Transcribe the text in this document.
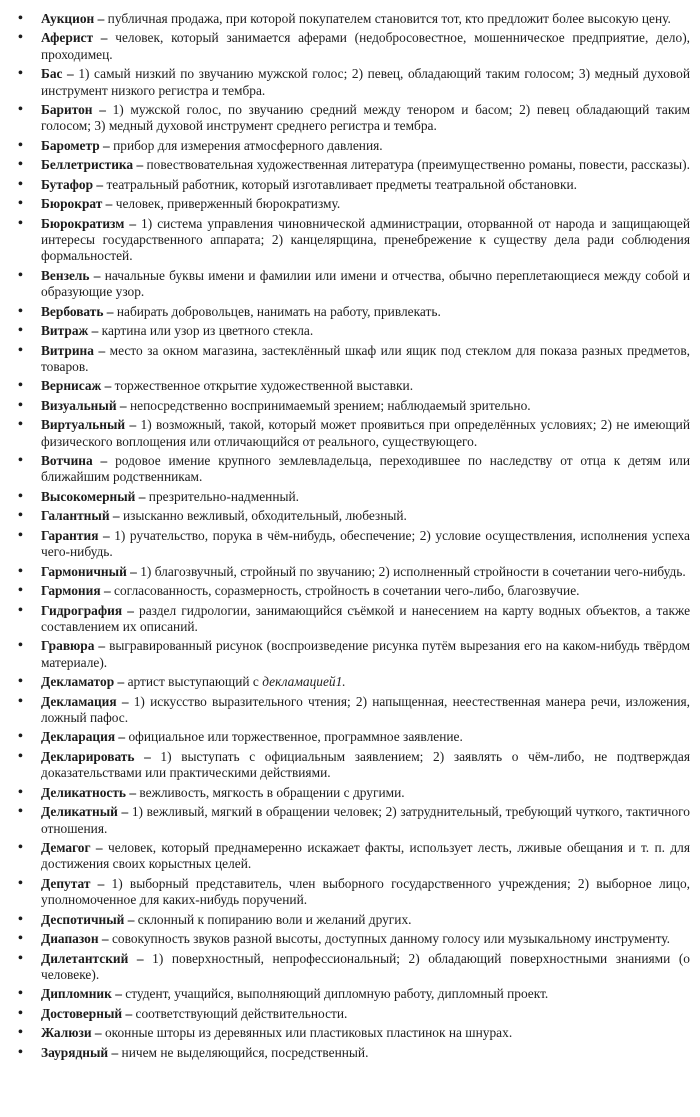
• Аукцион – публичная продажа, при которой покупателем становится тот, кто предложит более высокую цену.
• Аферист – человек, который занимается аферами (недобросовестное, мошенническое предприятие, дело), проходимец.
• Бас – 1) самый низкий по звучанию мужской голос; 2) певец, обладающий таким голосом; 3) медный духовой инструмент низкого регистра и тембра.
• Баритон – 1) мужской голос, по звучанию средний между тенором и басом; 2) певец обладающий таким голосом; 3) медный духовой инструмент среднего регистра и тембра.
• Барометр – прибор для измерения атмосферного давления.
• Беллетристика – повествовательная художественная литература (преимущественно романы, повести, рассказы).
• Бутафор – театральный работник, который изготавливает предметы театральной обстановки.
• Бюрократ – человек, приверженный бюрократизму.
• Бюрократизм – 1) система управления чиновнической администрации, оторванной от народа и защищающей интересы государственного аппарата; 2) канцелярщина, пренебрежение к существу дела ради соблюдения формальностей.
• Вензель – начальные буквы имени и фамилии или имени и отчества, обычно переплетающиеся между собой и образующие узор.
• Вербовать – набирать добровольцев, нанимать на работу, привлекать.
• Витраж – картина или узор из цветного стекла.
• Витрина – место за окном магазина, застеклённый шкаф или ящик под стеклом для показа разных предметов, товаров.
• Вернисаж – торжественное открытие художественной выставки.
• Визуальный – непосредственно воспринимаемый зрением; наблюдаемый зрительно.
• Виртуальный – 1) возможный, такой, который может проявиться при определённых условиях; 2) не имеющий физического воплощения или отличающийся от реального, существующего.
• Вотчина – родовое имение крупного землевладельца, переходившее по наследству от отца к детям или ближайшим родственникам.
• Высокомерный – презрительно-надменный.
• Галантный – изысканно вежливый, обходительный, любезный.
• Гарантия – 1) ручательство, порука в чём-нибудь, обеспечение; 2) условие осуществления, исполнения успеха чего-нибудь.
• Гармоничный – 1) благозвучный, стройный по звучанию; 2) исполненный стройности в сочетании чего-нибудь.
• Гармония – согласованность, соразмерность, стройность в сочетании чего-либо, благозвучие.
• Гидрография – раздел гидрологии, занимающийся съёмкой и нанесением на карту водных объектов, а также составлением их описаний.
• Гравюра – выгравированный рисунок (воспроизведение рисунка путём вырезания его на каком-нибудь твёрдом материале).
• Декламатор – артист выступающий с декламацией1.
• Декламация – 1) искусство выразительного чтения; 2) напыщенная, неестественная манера речи, изложения, ложный пафос.
• Декларация – официальное или торжественное, программное заявление.
• Декларировать – 1) выступать с официальным заявлением; 2) заявлять о чём-либо, не подтверждая доказательствами или практическими действиями.
• Деликатность – вежливость, мягкость в обращении с другими.
• Деликатный – 1) вежливый, мягкий в обращении человек; 2) затруднительный, требующий чуткого, тактичного отношения.
• Демагог – человек, который преднамеренно искажает факты, использует лесть, лживые обещания и т. п. для достижения своих корыстных целей.
• Депутат – 1) выборный представитель, член выборного государственного учреждения; 2) выборное лицо, уполномоченное для каких-нибудь поручений.
• Деспотичный – склонный к попиранию воли и желаний других.
• Диапазон – совокупность звуков разной высоты, доступных данному голосу или музыкальному инструменту.
• Дилетантский – 1) поверхностный, непрофессиональный; 2) обладающий поверхностными знаниями (о человеке).
• Дипломник – студент, учащийся, выполняющий дипломную работу, дипломный проект.
• Достоверный – соответствующий действительности.
• Жалюзи – оконные шторы из деревянных или пластиковых пластинок на шнурах.
• Заурядный – ничем не выделяющийся, посредственный.
